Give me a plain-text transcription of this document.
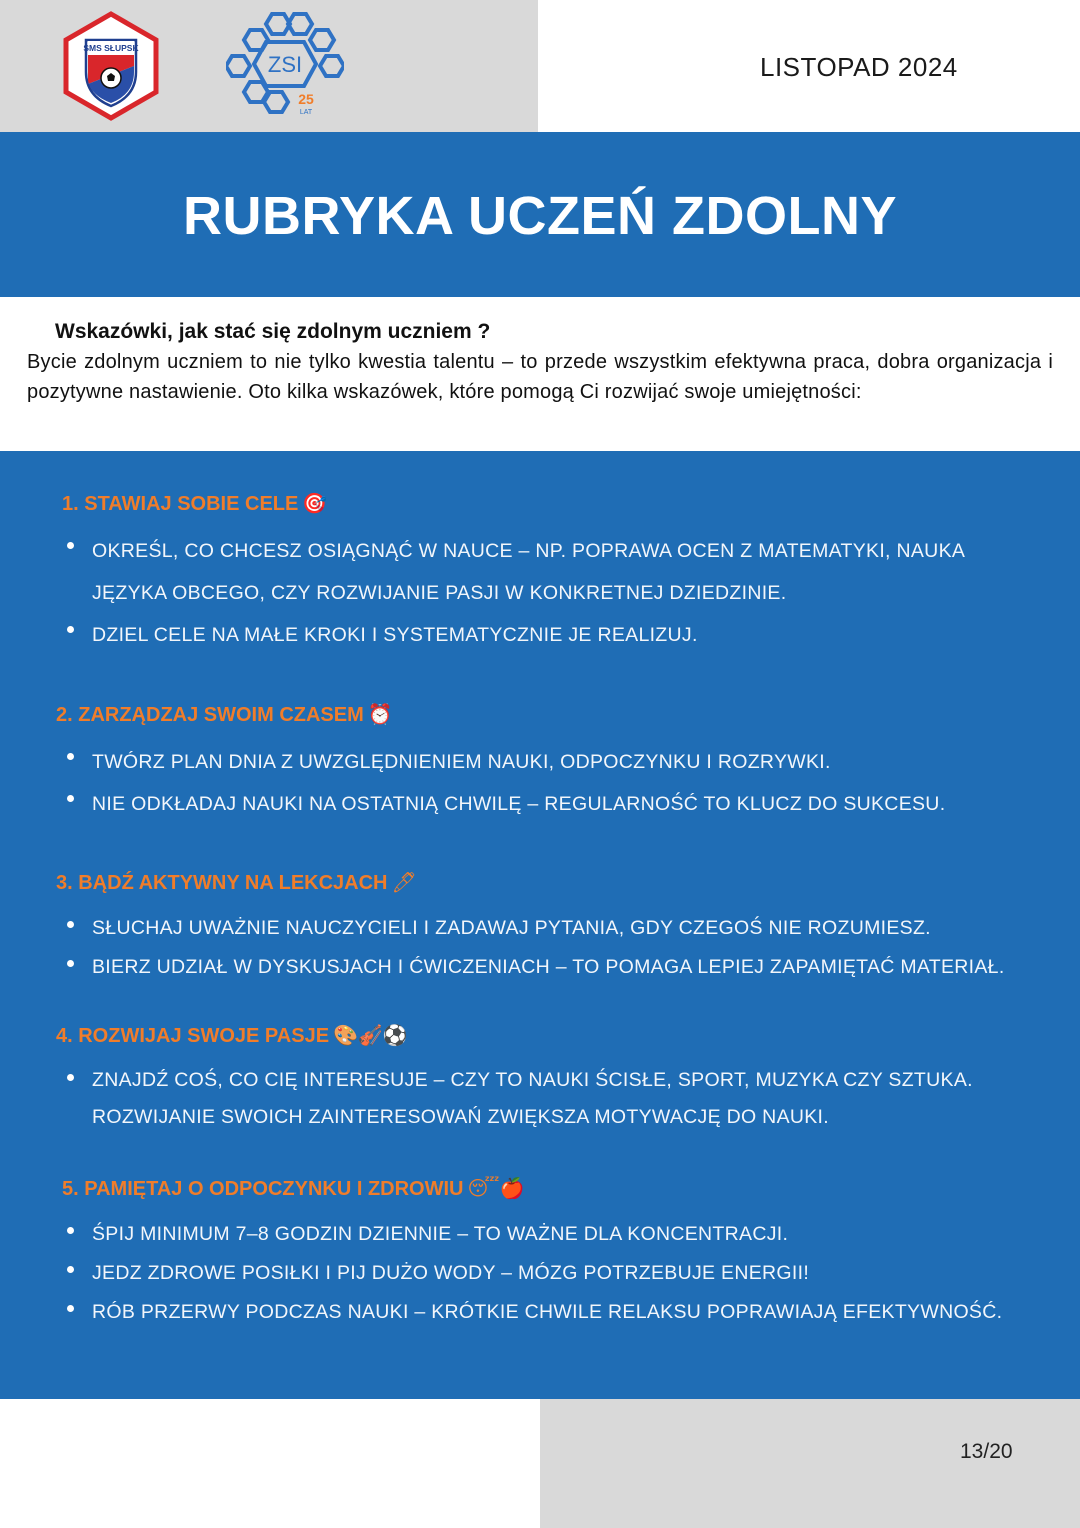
SMS SŁUPSK
ZSI
25
LAT
LISTOPAD 2024
RUBRYKA UCZEŃ ZDOLNY
Wskazówki, jak stać się zdolnym uczniem ?
Bycie zdolnym uczniem to nie tylko kwestia talentu – to przede wszystkim efektywna praca, dobra organizacja i pozytywne nastawienie. Oto kilka wskazówek, które pomogą Ci rozwijać swoje umiejętności:
1. STAWIAJ SOBIE CELE 🎯
OKREŚL, CO CHCESZ OSIĄGNĄĆ W NAUCE – NP. POPRAWA OCEN Z MATEMATYKI, NAUKA JĘZYKA OBCEGO, CZY ROZWIJANIE PASJI W KONKRETNEJ DZIEDZINIE.
DZIEL CELE NA MAŁE KROKI I SYSTEMATYCZNIE JE REALIZUJ.
2. ZARZĄDZAJ SWOIM CZASEM ⏰
TWÓRZ PLAN DNIA Z UWZGLĘDNIENIEM NAUKI, ODPOCZYNKU I ROZRYWKI.
NIE ODKŁADAJ NAUKI NA OSTATNIĄ CHWILĘ – REGULARNOŚĆ TO KLUCZ DO SUKCESU.
3. BĄDŹ AKTYWNY NA LEKCJACH 🖊
SŁUCHAJ UWAŻNIE NAUCZYCIELI I ZADAWAJ PYTANIA, GDY CZEGOŚ NIE ROZUMIESZ.
BIERZ UDZIAŁ W DYSKUSJACH I ĆWICZENIACH – TO POMAGA LEPIEJ ZAPAMIĘTAĆ MATERIAŁ.
4. ROZWIJAJ SWOJE PASJE 🎨🎻⚽
ZNAJDŹ COŚ, CO CIĘ INTERESUJE – CZY TO NAUKI ŚCISŁE, SPORT, MUZYKA CZY SZTUKA. ROZWIJANIE SWOICH ZAINTERESOWAŃ ZWIĘKSZA MOTYWACJĘ DO NAUKI.
5. PAMIĘTAJ O ODPOCZYNKU I ZDROWIU 😴🍎
ŚPIJ MINIMUM 7–8 GODZIN DZIENNIE – TO WAŻNE DLA KONCENTRACJI.
JEDZ ZDROWE POSIŁKI I PIJ DUŻO WODY – MÓZG POTRZEBUJE ENERGII!
RÓB PRZERWY PODCZAS NAUKI – KRÓTKIE CHWILE RELAKSU POPRAWIAJĄ EFEKTYWNOŚĆ.
13/20
